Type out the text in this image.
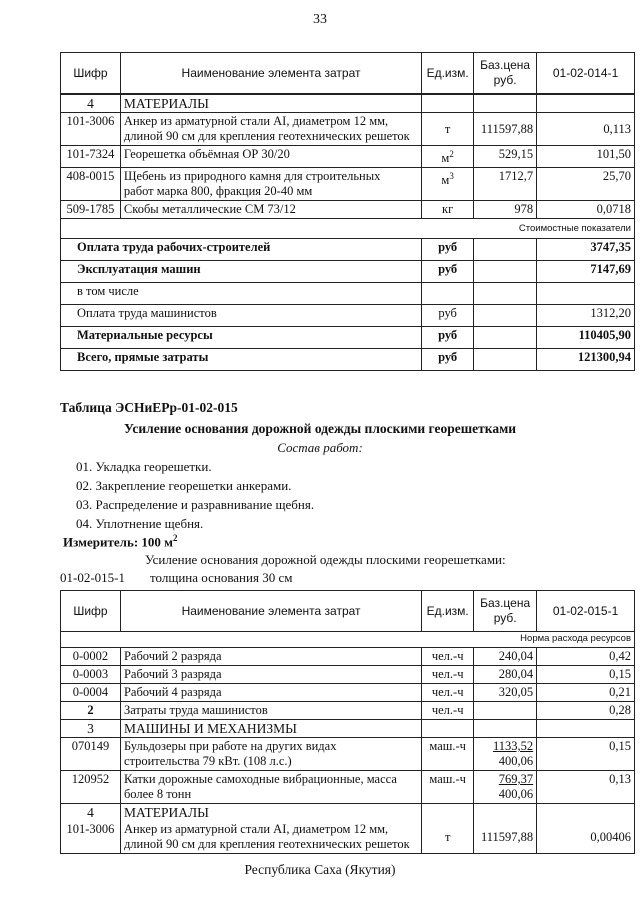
33
Шифр	Наименование элемента затрат	Ед.изм.	Баз.цена
руб.	01-02-014-1
4	МАТЕРИАЛЫ			
101-3006	Анкер из арматурной стали AI, диаметром 12 мм,
длиной 90 см для крепления геотехнических решеток	т	111597,88	0,113
101-7324	Георешетка объёмная ОР 30/20	$м^2$	529,15	101,50
408-0015	Щебень из природного камня для строительных
работ марка 800, фракция 20-40 мм	$м^3$	1712,7	25,70
509-1785	Скобы металлические СМ 73/12	кг	978	0,0718
Стоимостные показатели				
Оплата труда рабочих-строителей		руб		3747,35
Эксплуатация машин		руб		7147,69
в том числе				
Оплата труда машинистов		руб		1312,20
Материальные ресурсы		руб		110405,90
Всего, прямые затраты		руб		121300,94
Таблица ЭСНиЕРр-01-02-015
Усиление основания дорожной одежды плоскими георешетками
Состав работ:
01. Укладка георешетки.
02. Закрепление георешетки анкерами.
03. Распределение и разравнивание щебня.
04. Уплотнение щебня.
Измеритель: 100 $м^2$
Усиление основания дорожной одежды плоскими георешетками:
01-02-015-1 толщина основания 30 см
Шифр	Наименование элемента затрат	Ед.изм.	Баз.цена
руб.	01-02-015-1
Норма расхода ресурсов				
0-0002	Рабочий 2 разряда	чел.-ч	240,04	0,42
0-0003	Рабочий 3 разряда	чел.-ч	280,04	0,15
0-0004	Рабочий 4 разряда	чел.-ч	320,05	0,21
2	Затраты труда машинистов	чел.-ч		0,28
3	МАШИНЫ И МЕХАНИЗМЫ			
070149	Бульдозеры при работе на других видах
строительства 79 кВт. (108 л.с.)	маш.-ч	1133,52
400,06	0,15
120952	Катки дорожные самоходные вибрационные, масса
более 8 тонн	маш.-ч	769,37
400,06	0,13
4	МАТЕРИАЛЫ			
101-3006	Анкер из арматурной стали AI, диаметром 12 мм,
длиной 90 см для крепления геотехнических решеток	т	111597,88	0,00406
Республика Саха (Якутия)
